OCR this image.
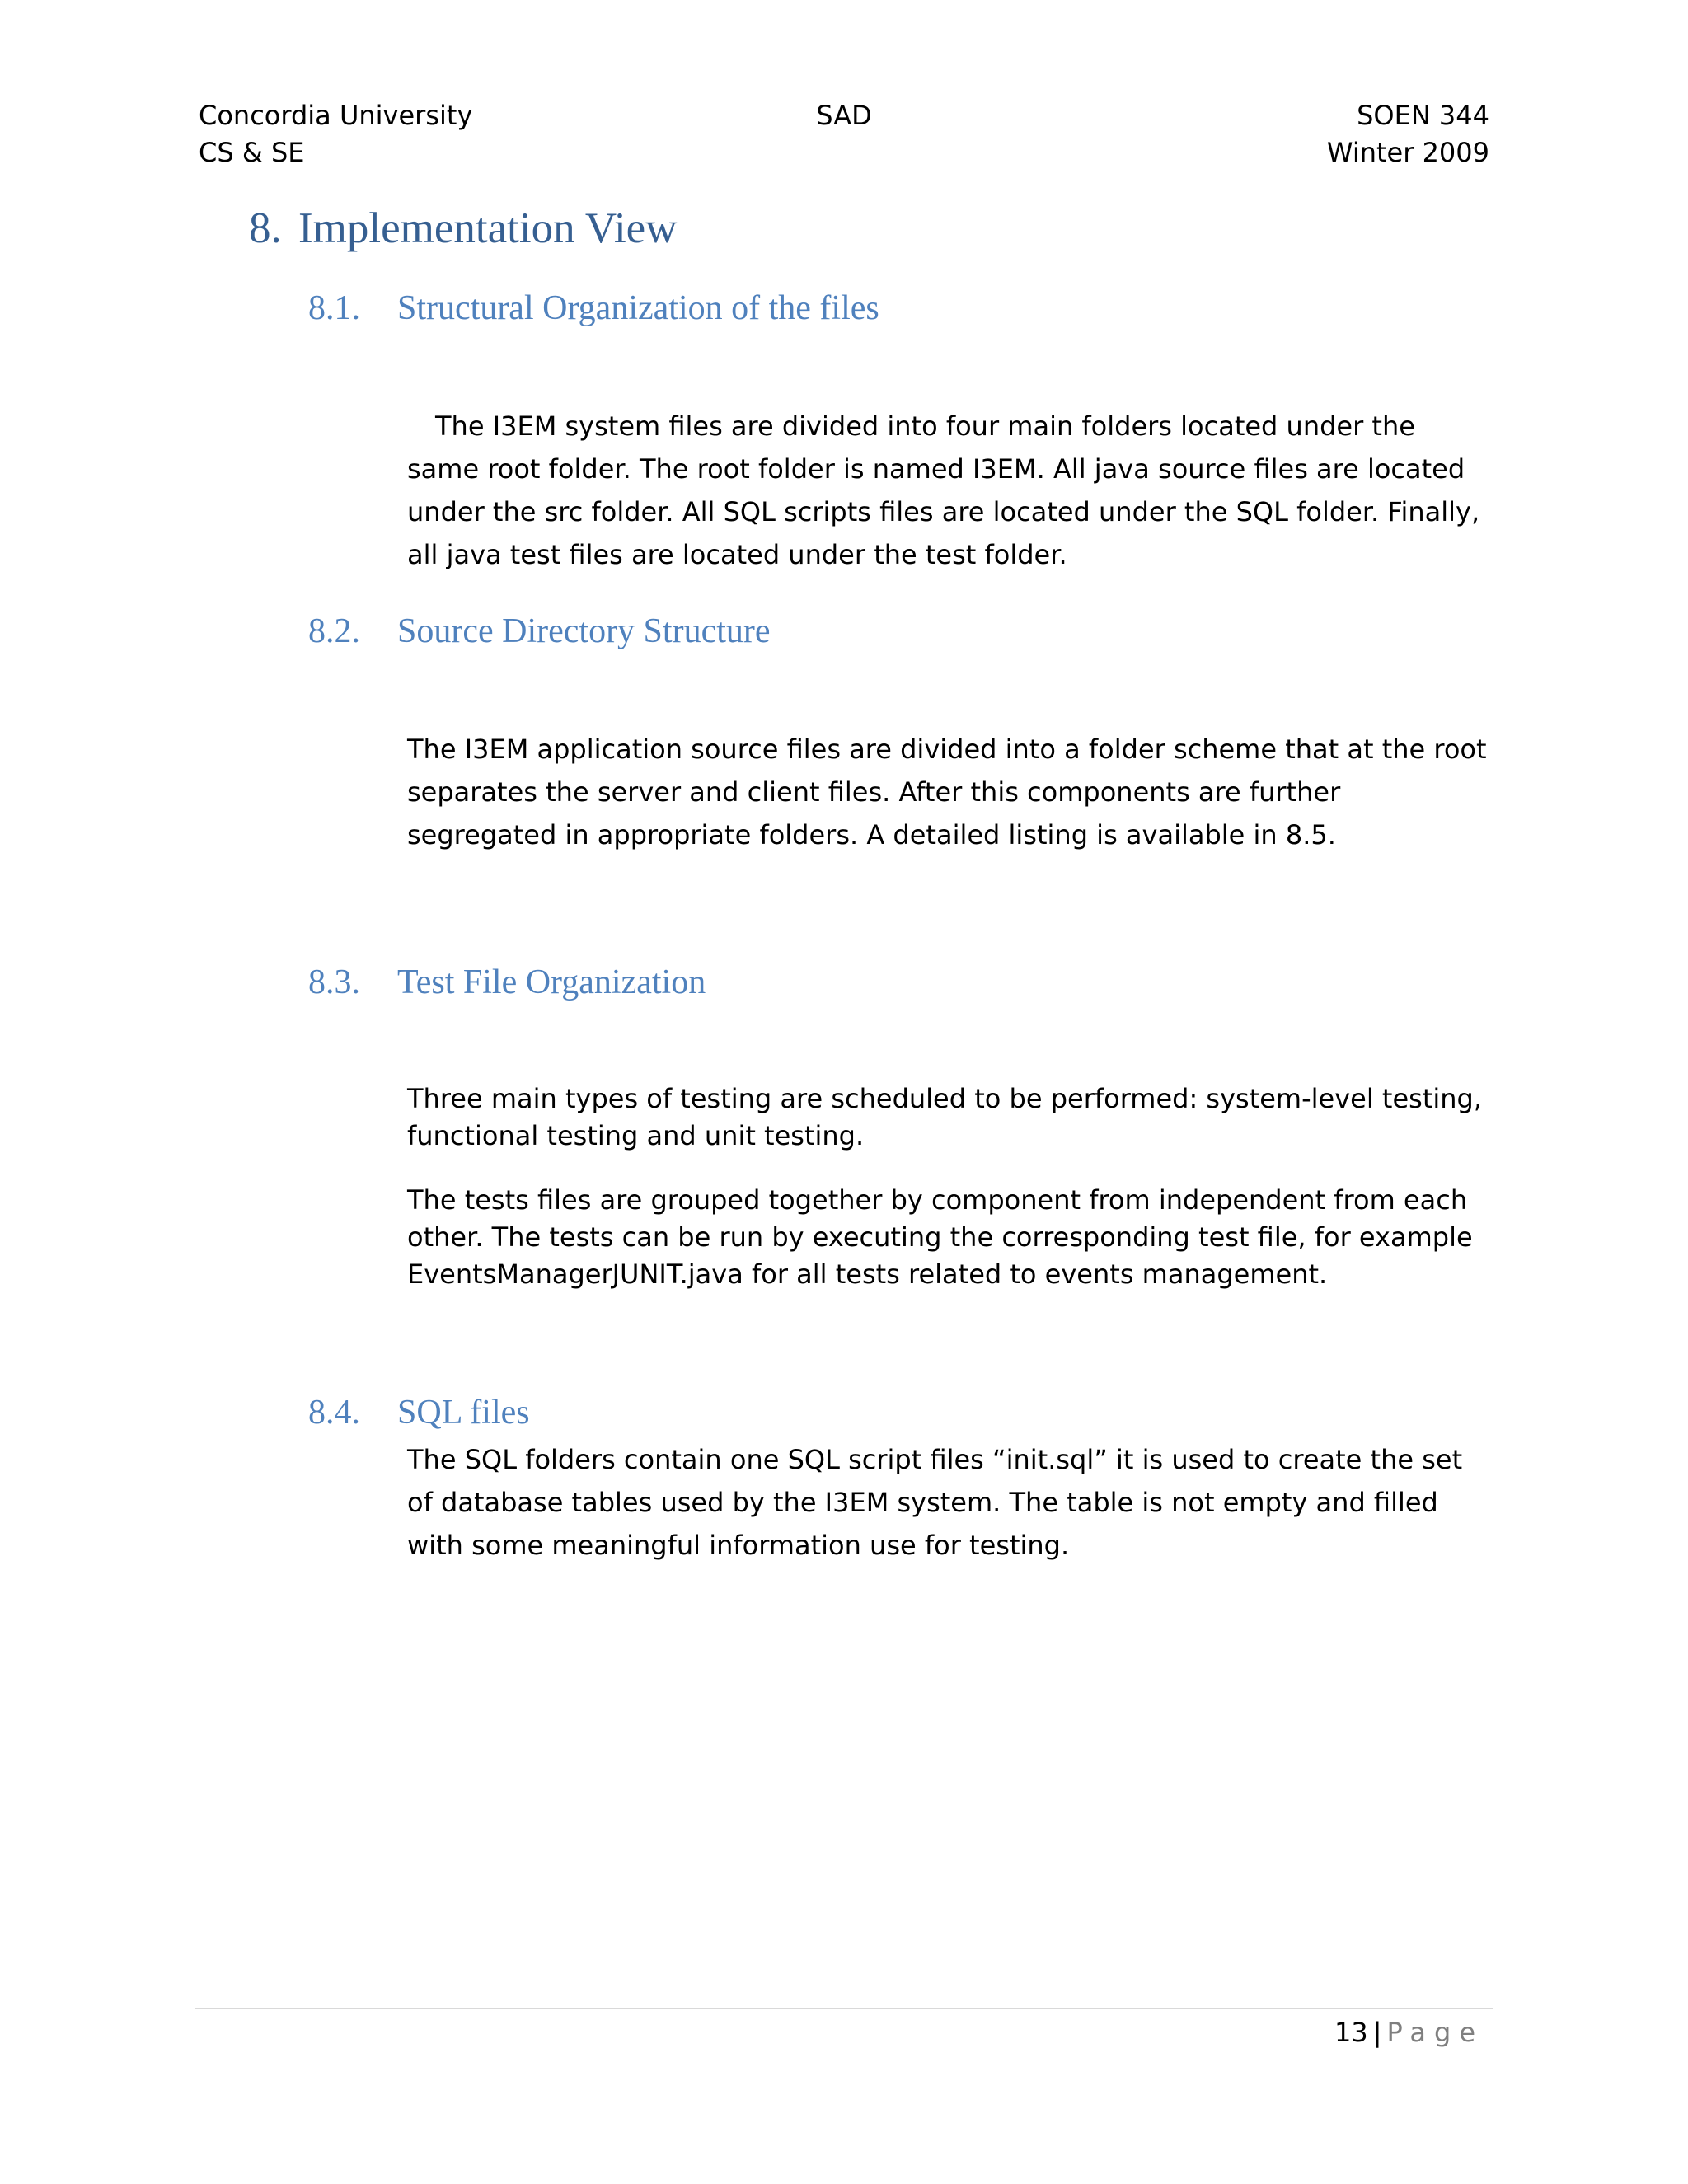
Concordia University
CS & SE
SAD	SOEN 344
Winter 2009
8. Implementation View
8.1. Structural Organization of the files
The I3EM system files are divided into four main folders located under the same root folder. The root folder is named I3EM. All java source files are located under the src folder. All SQL scripts files are located under the SQL folder. Finally, all java test files are located under the test folder.
8.2. Source Directory Structure
The I3EM application source files are divided into a folder scheme that at the root separates the server and client files. After this components are further segregated in appropriate folders. A detailed listing is available in 8.5.
8.3. Test File Organization
Three main types of testing are scheduled to be performed: system-level testing, functional testing and unit testing.
The tests files are grouped together by component from independent from each other. The tests can be run by executing the corresponding test file, for example EventsManagerJUNIT.java for all tests related to events management.
8.4. SQL files
The SQL folders contain one SQL script files “init.sql” it is used to create the set of database tables used by the I3EM system. The table is not empty and filled with some meaningful information use for testing.
13 | Page
